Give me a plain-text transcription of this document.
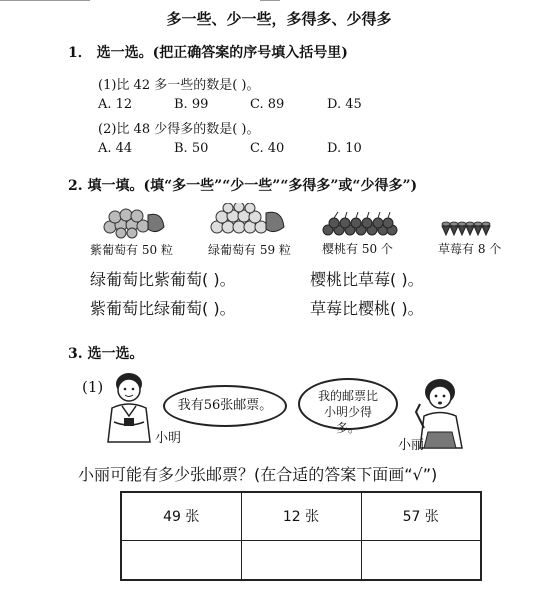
多一些、少一些，多得多、少得多
1． 选一选。(把正确答案的序号填入括号里)
(1)比 42 多一些的数是( )。
A. 12	B. 99	C. 89	D. 45
(2)比 48 少得多的数是( )。
A. 44	B. 50	C. 40	D. 10
2. 填一填。(填“多一些”“少一些”“多得多”或“少得多”)
紫葡萄有 50 粒	绿葡萄有 59 粒	樱桃有 50 个	草莓有 8 个
绿葡萄比紫葡萄( )。	樱桃比草莓( )。
紫葡萄比绿葡萄( )。	草莓比樱桃( )。
3. 选一选。
(1)
小明
我有56张邮票。
我的邮票比小明少得多。
小丽
小丽可能有多少张邮票？(在合适的答案下面画“√”)
49 张	12 张	57 张
